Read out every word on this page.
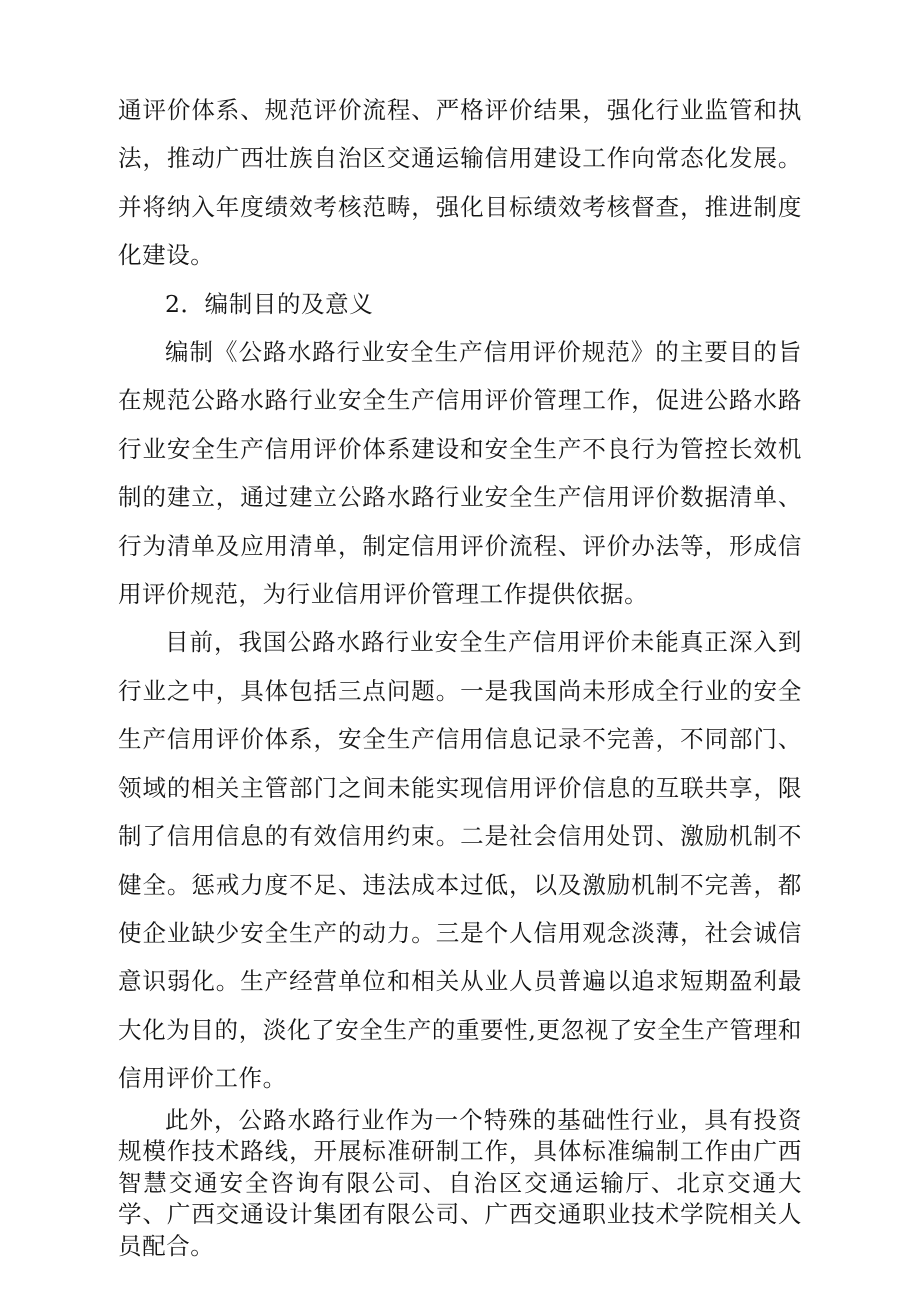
通评价体系、规范评价流程、严格评价结果，强化行业监管和执法，推动广西壮族自治区交通运输信用建设工作向常态化发展。并将纳入年度绩效考核范畴，强化目标绩效考核督查，推进制度化建设。

2．编制目的及意义

编制《公路水路行业安全生产信用评价规范》的主要目的旨在规范公路水路行业安全生产信用评价管理工作，促进公路水路行业安全生产信用评价体系建设和安全生产不良行为管控长效机制的建立，通过建立公路水路行业安全生产信用评价数据清单、行为清单及应用清单，制定信用评价流程、评价办法等，形成信用评价规范，为行业信用评价管理工作提供依据。

目前，我国公路水路行业安全生产信用评价未能真正深入到行业之中，具体包括三点问题。一是我国尚未形成全行业的安全生产信用评价体系，安全生产信用信息记录不完善，不同部门、领域的相关主管部门之间未能实现信用评价信息的互联共享，限制了信用信息的有效信用约束。二是社会信用处罚、激励机制不健全。惩戒力度不足、违法成本过低，以及激励机制不完善，都使企业缺少安全生产的动力。三是个人信用观念淡薄，社会诚信意识弱化。生产经营单位和相关从业人员普遍以追求短期盈利最大化为目的，淡化了安全生产的重要性,更忽视了安全生产管理和信用评价工作。

此外，公路水路行业作为一个特殊的基础性行业，具有投资规模作技术路线，开展标准研制工作，具体标准编制工作由广西智慧交通安全咨询有限公司、自治区交通运输厅、北京交通大学、广西交通设计集团有限公司、广西交通职业技术学院相关人员配合。
